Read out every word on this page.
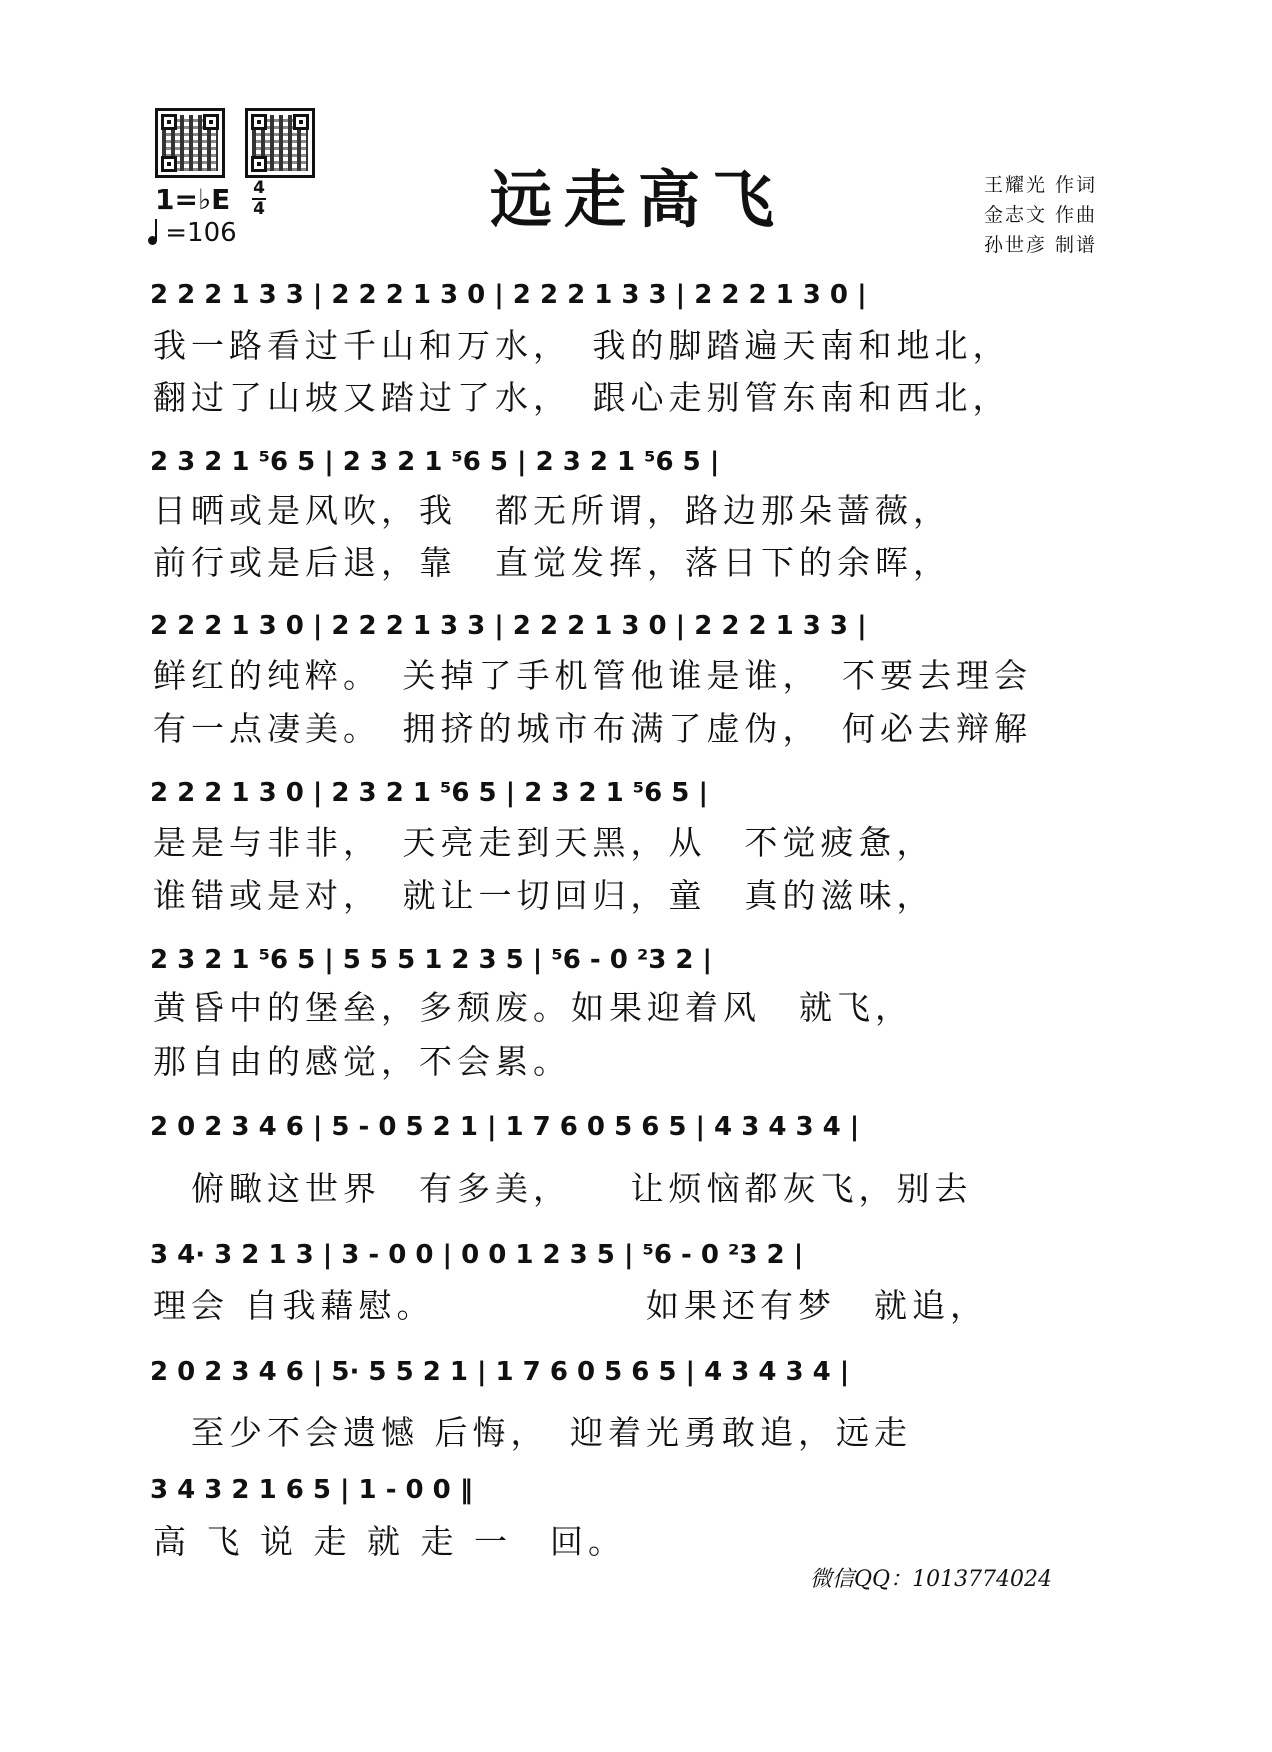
1=♭E 4
4
=106	远走高飞	王耀光 作词
金志文 作曲
孙世彦 制谱
2 2 2 1 3 3 | 2 2 2 1 3 0 | 2 2 2 1 3 3 | 2 2 2 1 3 0 |
我一路看过千山和万水，　我的脚踏遍天南和地北，
翻过了山坡又踏过了水，　跟心走别管东南和西北，
2 3 2 1 ⁵6 5 | 2 3 2 1 ⁵6 5 | 2 3 2 1 ⁵6 5 |
日晒或是风吹，我　都无所谓，路边那朵蔷薇，
前行或是后退，靠　直觉发挥，落日下的余晖，
2 2 2 1 3 0 | 2 2 2 1 3 3 | 2 2 2 1 3 0 | 2 2 2 1 3 3 |
鲜红的纯粹。　关掉了手机管他谁是谁，　不要去理会
有一点凄美。　拥挤的城市布满了虚伪，　何必去辩解
2 2 2 1 3 0 | 2 3 2 1 ⁵6 5 | 2 3 2 1 ⁵6 5 |
是是与非非，　天亮走到天黑，从　不觉疲惫，
谁错或是对，　就让一切回归，童　真的滋味，
2 3 2 1 ⁵6 5 | 5 5 5 1 2 3 5 | ⁵6 - 0 ²3 2 |
黄昏中的堡垒，多颓废。如果迎着风　就飞，
那自由的感觉，不会累。
2 0 2 3 4 6 | 5 - 0 5 2 1 | 1 7 6 0 5 6 5 | 4 3 4 3 4 |
　俯瞰这世界　有多美，　　让烦恼都灰飞，别去
3 4· 3 2 1 3 | 3 - 0 0 | 0 0 1 2 3 5 | ⁵6 - 0 ²3 2 |
理会 自我藉慰。　　　　　　如果还有梦　就追，
2 0 2 3 4 6 | 5· 5 5 2 1 | 1 7 6 0 5 6 5 | 4 3 4 3 4 |
　至少不会遗憾 后悔，　迎着光勇敢追，远走
3 4 3 2 1 6 5 | 1 - 0 0 ‖
高 飞 说 走 就 走 一　回。
微信QQ：1013774024
